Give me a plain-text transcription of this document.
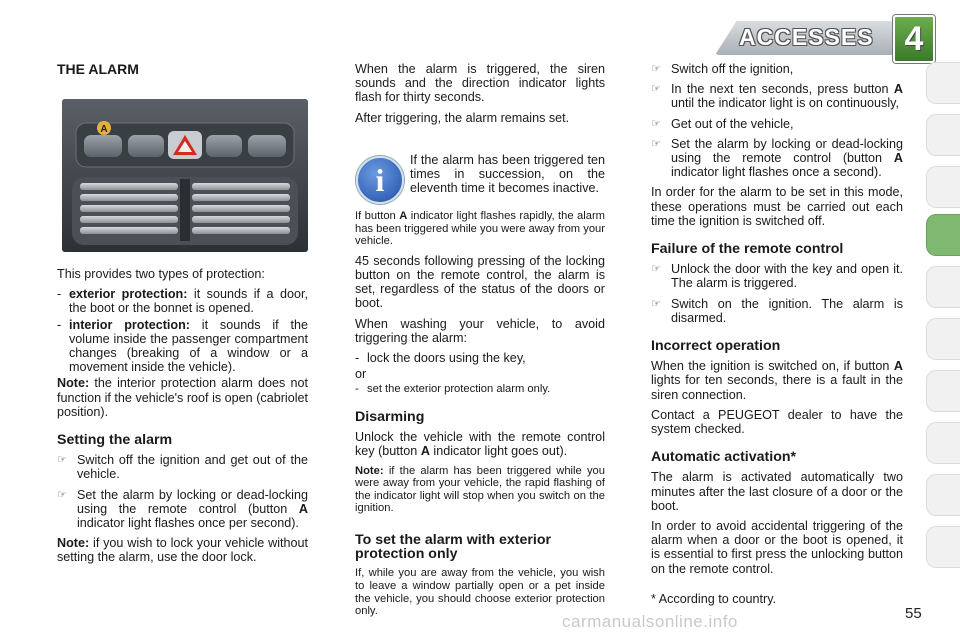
ACCESSES 4
THE ALARM
A

This provides two types of protection:

- exterior protection: it sounds if a door, the boot or the bonnet is opened.
- interior protection: it sounds if the volume inside the passenger compartment changes (breaking of a window or a movement inside the vehicle).

Note: the interior protection alarm does not function if the vehicle's roof is open (cabriolet position).

Setting the alarm
☞ Switch off the ignition and get out of the vehicle.
☞ Set the alarm by locking or dead-locking using the remote control (button A indicator light flashes once per second).

Note: if you wish to lock your vehicle without setting the alarm, use the door lock.

When the alarm is triggered, the siren sounds and the direction indicator lights flash for thirty seconds.

After triggering, the alarm remains set.

i

If the alarm has been triggered ten times in succession, on the eleventh time it becomes inactive.

If button A indicator light flashes rapidly, the alarm has been triggered while you were away from your vehicle.

45 seconds following pressing of the locking button on the remote control, the alarm is set, regardless of the status of the doors or boot.

When washing your vehicle, to avoid triggering the alarm:

- lock the doors using the key,
or
- set the exterior protection alarm only.
Disarming

Unlock the vehicle with the remote control key (button A indicator light goes out).

Note: if the alarm has been triggered while you were away from your vehicle, the rapid flashing of the indicator light will stop when you switch on the ignition.

To set the alarm with exterior protection only

If, while you are away from the vehicle, you wish to leave a window partially open or a pet inside the vehicle, you should choose exterior protection only.

☞ Switch off the ignition,
☞ In the next ten seconds, press button A until the indicator light is on continuously,
☞ Get out of the vehicle,
☞ Set the alarm by locking or dead-locking using the remote control (button A indicator light flashes once a second).

In order for the alarm to be set in this mode, these operations must be carried out each time the ignition is switched off.

Failure of the remote control
☞ Unlock the door with the key and open it. The alarm is triggered.
☞ Switch on the ignition. The alarm is disarmed.
Incorrect operation

When the ignition is switched on, if button A lights for ten seconds, there is a fault in the siren connection.

Contact a PEUGEOT dealer to have the system checked.

Automatic activation*

The alarm is activated automatically two minutes after the last closure of a door or the boot.

In order to avoid accidental triggering of the alarm when a door or the boot is opened, it is essential to first press the unlocking button on the remote control.

* According to country.

55
carmanualsonline.info
